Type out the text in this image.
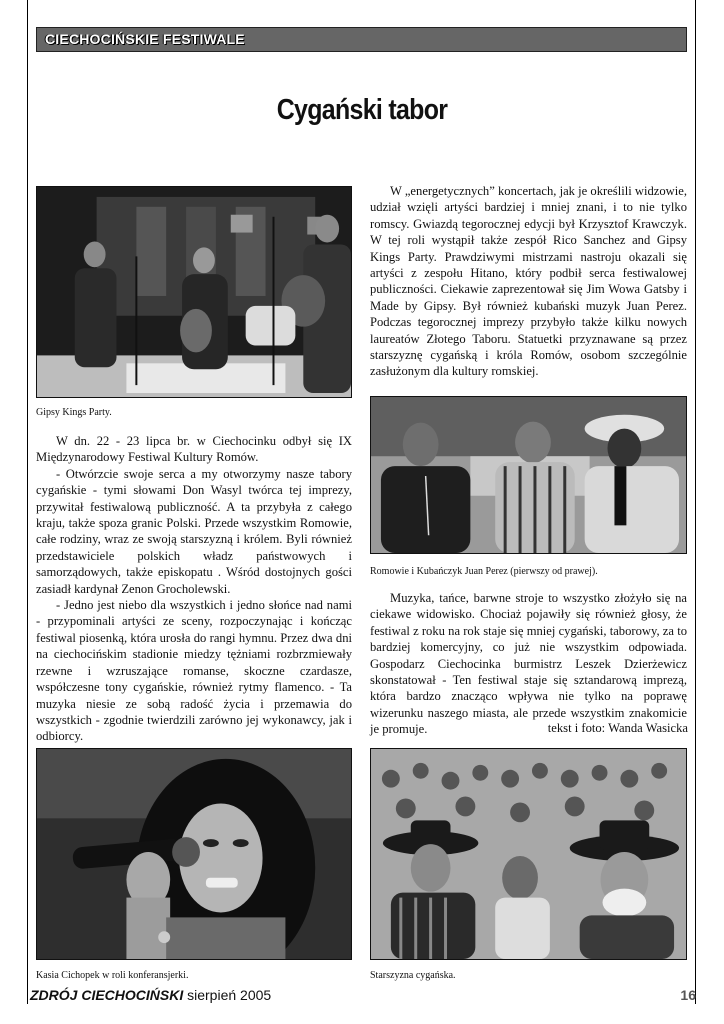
CIECHOCIŃSKIE FESTIWALE
Cygański tabor
Gipsy Kings Party.

W dn. 22 - 23 lipca br. w Ciechocinku odbył się IX Międzynarodowy Festiwal Kultury Romów.

- Otwórzcie swoje serca a my otworzymy nasze tabory cygańskie - tymi słowami Don Wasyl twórca tej imprezy, przywitał festiwalową publiczność. A ta przybyła z całego kraju, także spoza granic Polski. Przede wszystkim Romowie, całe rodziny, wraz ze swoją starszyzną i królem. Byli również przedstawiciele polskich władz państwowych i samorządowych, także episkopatu . Wśród dostojnych gości zasiadł kardynał Zenon Grocholewski.

- Jedno jest niebo dla wszystkich i jedno słońce nad nami - przypominali artyści ze sceny, rozpoczynając i kończąc festiwal piosenką, która urosła do rangi hymnu. Przez dwa dni na ciechocińskim stadionie miedzy tężniami rozbrzmiewały rzewne i wzruszające romanse, skoczne czardasze, współczesne tony cygańskie, również rytmy flamenco. - Ta muzyka niesie ze sobą radość życia i przemawia do wszystkich - zgodnie twierdzili zarówno jej wykonawcy, jak i odbiorcy.

W „energetycznych” koncertach, jak je określili widzowie, udział wzięli artyści bardziej i mniej znani, i to nie tylko romscy. Gwiazdą tegorocznej edycji był Krzysztof Krawczyk. W tej roli wystąpił także zespół Rico Sanchez and Gipsy Kings Party. Prawdziwymi mistrzami nastroju okazali się artyści z zespołu Hitano, który podbił serca festiwalowej publiczności. Ciekawie zaprezentował się Jim Wowa Gatsby i Made by Gipsy. Był również kubański muzyk Juan Perez. Podczas tegorocznej imprezy przybyło także kilku nowych laureatów Złotego Taboru. Statuetki przyznawane są przez starszyznę cygańską i króla Romów, osobom szczególnie zasłużonym dla kultury romskiej.

Romowie i Kubańczyk Juan Perez (pierwszy od prawej).

Muzyka, tańce, barwne stroje to wszystko złożyło się na ciekawe widowisko. Chociaż pojawiły się również głosy, że festiwal z roku na rok staje się mniej cygański, taborowy, za to bardziej komercyjny, co już nie wszystkim odpowiada. Gospodarz Ciechocinka burmistrz Leszek Dzierżewicz skonstatował - Ten festiwal staje się sztandarową imprezą, która bardzo znacząco wpływa nie tylko na poprawę wizerunku naszego miasta, ale przede wszystkim znakomicie je promuje.	tekst i foto: Wanda Wasicka
Kasia Cichopek w roli konferansjerki.	Starszyzna cygańska.
ZDRÓJ CIECHOCIŃSKI sierpień 2005	16
